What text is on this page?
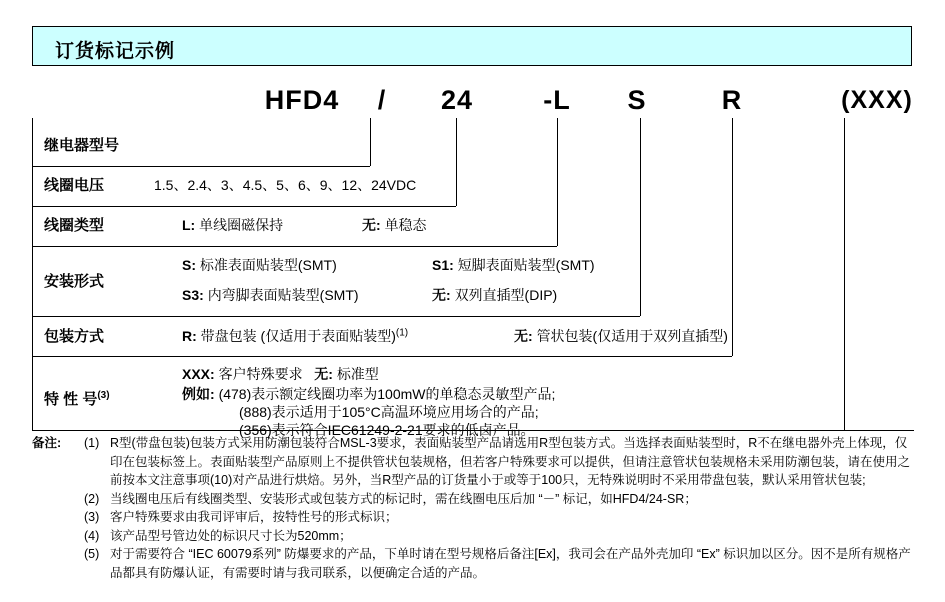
订货标记示例
HFD4	/	24	-L	S	R	(XXX)
继电器型号
线圈电压	1.5、2.4、3、4.5、5、6、9、12、24VDC
线圈类型	L: 单线圈磁保持	无: 单稳态
安装形式
S: 标准表面贴装型(SMT)	S1: 短脚表面贴装型(SMT)
S3: 内弯脚表面贴装型(SMT)	无: 双列直插型(DIP)
包装方式	R: 带盘包装 (仅适用于表面贴装型)$^{(1)}$	无: 管状包装(仅适用于双列直插型)
特 性 号$^{(3)}$
XXX: 客户特殊要求 无: 标准型
例如: (478)表示额定线圈功率为100mW的单稳态灵敏型产品;
(888)表示适用于105°C高温环境应用场合的产品;
(356)表示符合IEC61249-2-21要求的低卤产品。
备注: (1) R型(带盘包装)包装方式采用防潮包装符合MSL-3要求，表面贴装型产品请选用R型包装方式。当选择表面贴装型时，R不在继电器外壳上体现，仅印在包装标签上。表面贴装型产品原则上不提供管状包装规格，但若客户特殊要求可以提供，但请注意管状包装规格未采用防潮包装，请在使用之前按本文注意事项(10)对产品进行烘焙。另外，当R型产品的订货量小于或等于100只，无特殊说明时不采用带盘包装，默认采用管状包装;
(2) 当线圈电压后有线圈类型、安装形式或包装方式的标记时，需在线圈电压后加 “－” 标记，如HFD4/24-SR；
(3) 客户特殊要求由我司评审后，按特性号的形式标识；
(4) 该产品型号管边处的标识尺寸长为520mm；
(5) 对于需要符合 “IEC 60079系列” 防爆要求的产品，下单时请在型号规格后备注[Ex]，我司会在产品外壳加印 “Ex” 标识加以区分。因不是所有规格产品都具有防爆认证，有需要时请与我司联系，以便确定合适的产品。
